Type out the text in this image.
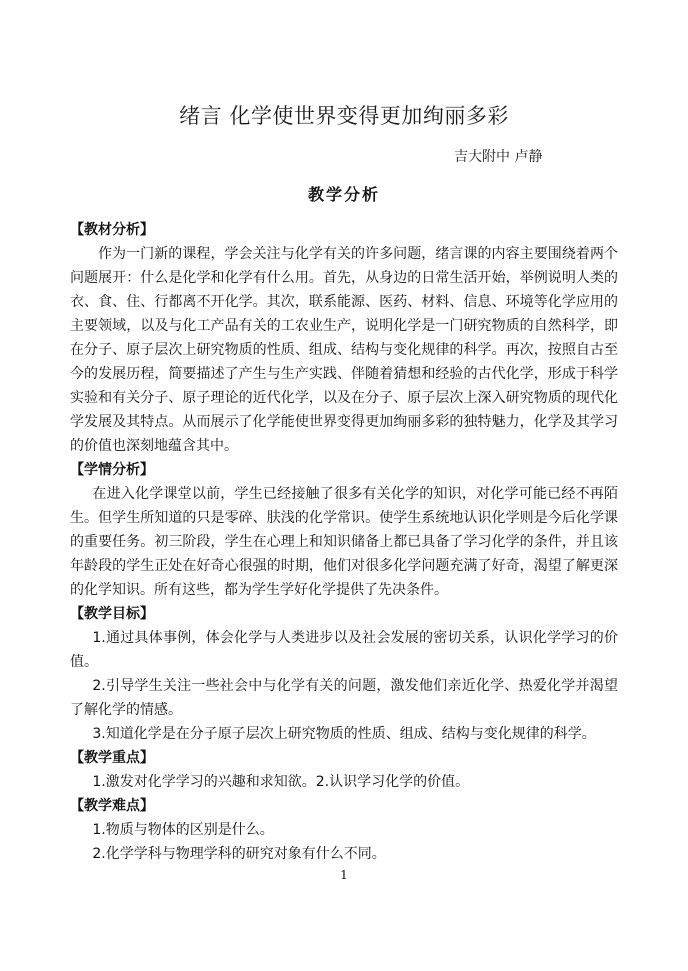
绪言 化学使世界变得更加绚丽多彩
吉大附中 卢静
教学分析
【教材分析】

作为一门新的课程，学会关注与化学有关的许多问题，绪言课的内容主要围绕着两个问题展开：什么是化学和化学有什么用。首先，从身边的日常生活开始，举例说明人类的衣、食、住、行都离不开化学。其次，联系能源、医药、材料、信息、环境等化学应用的主要领域，以及与化工产品有关的工农业生产，说明化学是一门研究物质的自然科学，即在分子、原子层次上研究物质的性质、组成、结构与变化规律的科学。再次，按照自古至今的发展历程，简要描述了产生与生产实践、伴随着猜想和经验的古代化学，形成于科学实验和有关分子、原子理论的近代化学，以及在分子、原子层次上深入研究物质的现代化学发展及其特点。从而展示了化学能使世界变得更加绚丽多彩的独特魅力，化学及其学习的价值也深刻地蕴含其中。

【学情分析】

在进入化学课堂以前，学生已经接触了很多有关化学的知识，对化学可能已经不再陌生。但学生所知道的只是零碎、肤浅的化学常识。使学生系统地认识化学则是今后化学课的重要任务。初三阶段，学生在心理上和知识储备上都已具备了学习化学的条件，并且该年龄段的学生正处在好奇心很强的时期，他们对很多化学问题充满了好奇，渴望了解更深的化学知识。所有这些，都为学生学好化学提供了先决条件。

【教学目标】

1.通过具体事例，体会化学与人类进步以及社会发展的密切关系，认识化学学习的价值。

2.引导学生关注一些社会中与化学有关的问题，激发他们亲近化学、热爱化学并渴望了解化学的情感。

3.知道化学是在分子原子层次上研究物质的性质、组成、结构与变化规律的科学。

【教学重点】

1.激发对化学学习的兴趣和求知欲。2.认识学习化学的价值。

【教学难点】

1.物质与物体的区别是什么。

2.化学学科与物理学科的研究对象有什么不同。

1
